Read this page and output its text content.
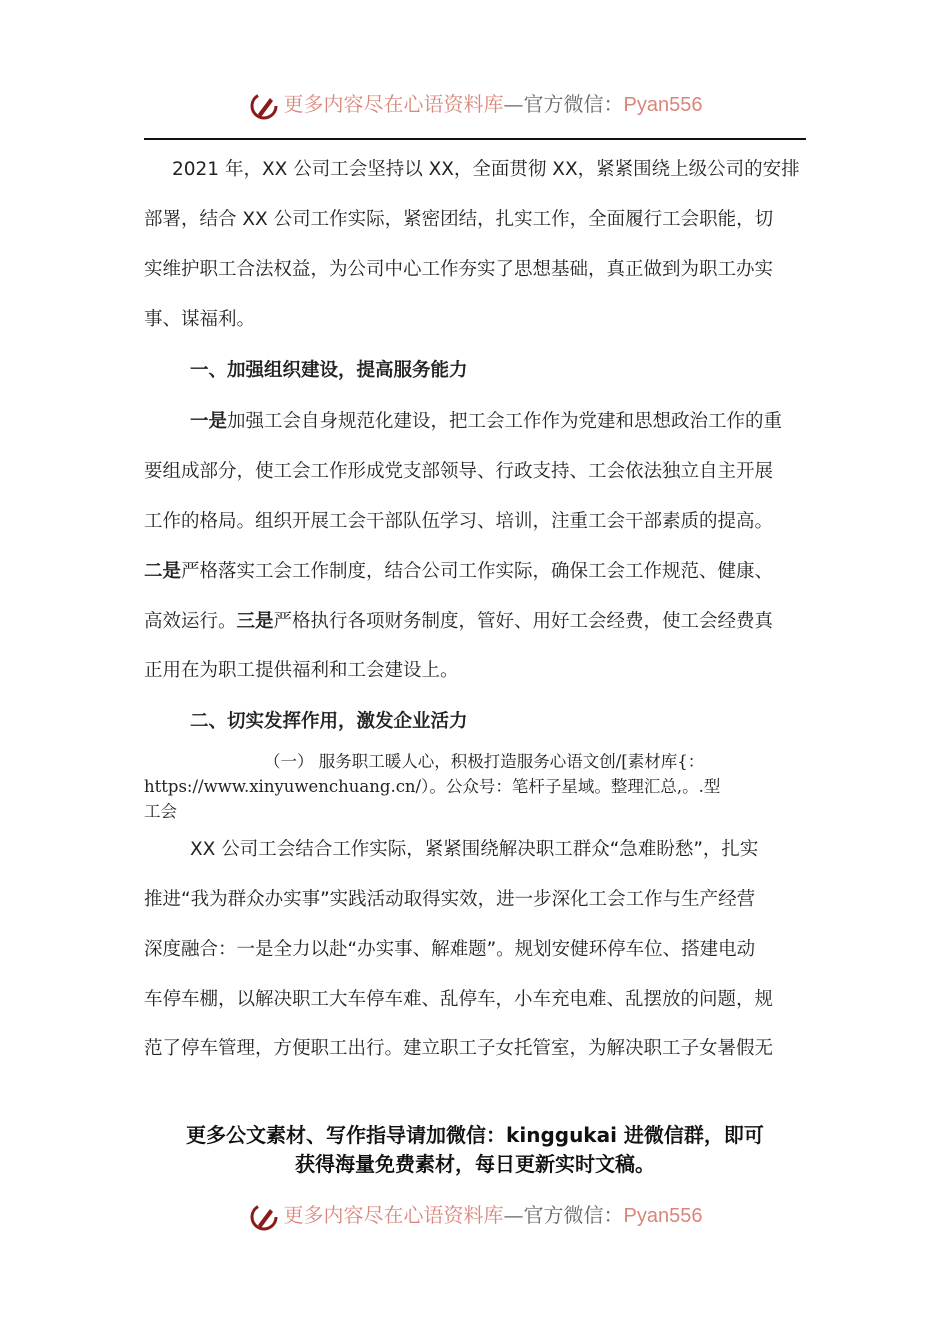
更多内容尽在心语资料库—官方微信：Pyan556
2021 年，XX 公司工会坚持以 XX，全面贯彻 XX，紧紧围绕上级公司的安排
部署，结合 XX 公司工作实际，紧密团结，扎实工作，全面履行工会职能，切
实维护职工合法权益，为公司中心工作夯实了思想基础，真正做到为职工办实
事、谋福利。
一、加强组织建设，提高服务能力
一是加强工会自身规范化建设，把工会工作作为党建和思想政治工作的重
要组成部分，使工会工作形成党支部领导、行政支持、工会依法独立自主开展
工作的格局。组织开展工会干部队伍学习、培训，注重工会干部素质的提高。
二是严格落实工会工作制度，结合公司工作实际，确保工会工作规范、健康、
高效运行。三是严格执行各项财务制度，管好、用好工会经费，使工会经费真
正用在为职工提供福利和工会建设上。
二、切实发挥作用，激发企业活力
（一） 服务职工暖人心，积极打造服务心语文创/[素材库{：
https://www.xinyuwenchuang.cn/）。公众号：笔杆子星域。整理汇总,。.型
工会
XX 公司工会结合工作实际，紧紧围绕解决职工群众“急难盼愁”，扎实
推进“我为群众办实事”实践活动取得实效，进一步深化工会工作与生产经营
深度融合：一是全力以赴“办实事、解难题”。规划安健环停车位、搭建电动
车停车棚，以解决职工大车停车难、乱停车，小车充电难、乱摆放的问题，规
范了停车管理，方便职工出行。建立职工子女托管室，为解决职工子女暑假无
更多公文素材、写作指导请加微信：kinggukai 进微信群，即可
获得海量免费素材，每日更新实时文稿。
更多内容尽在心语资料库—官方微信：Pyan556
